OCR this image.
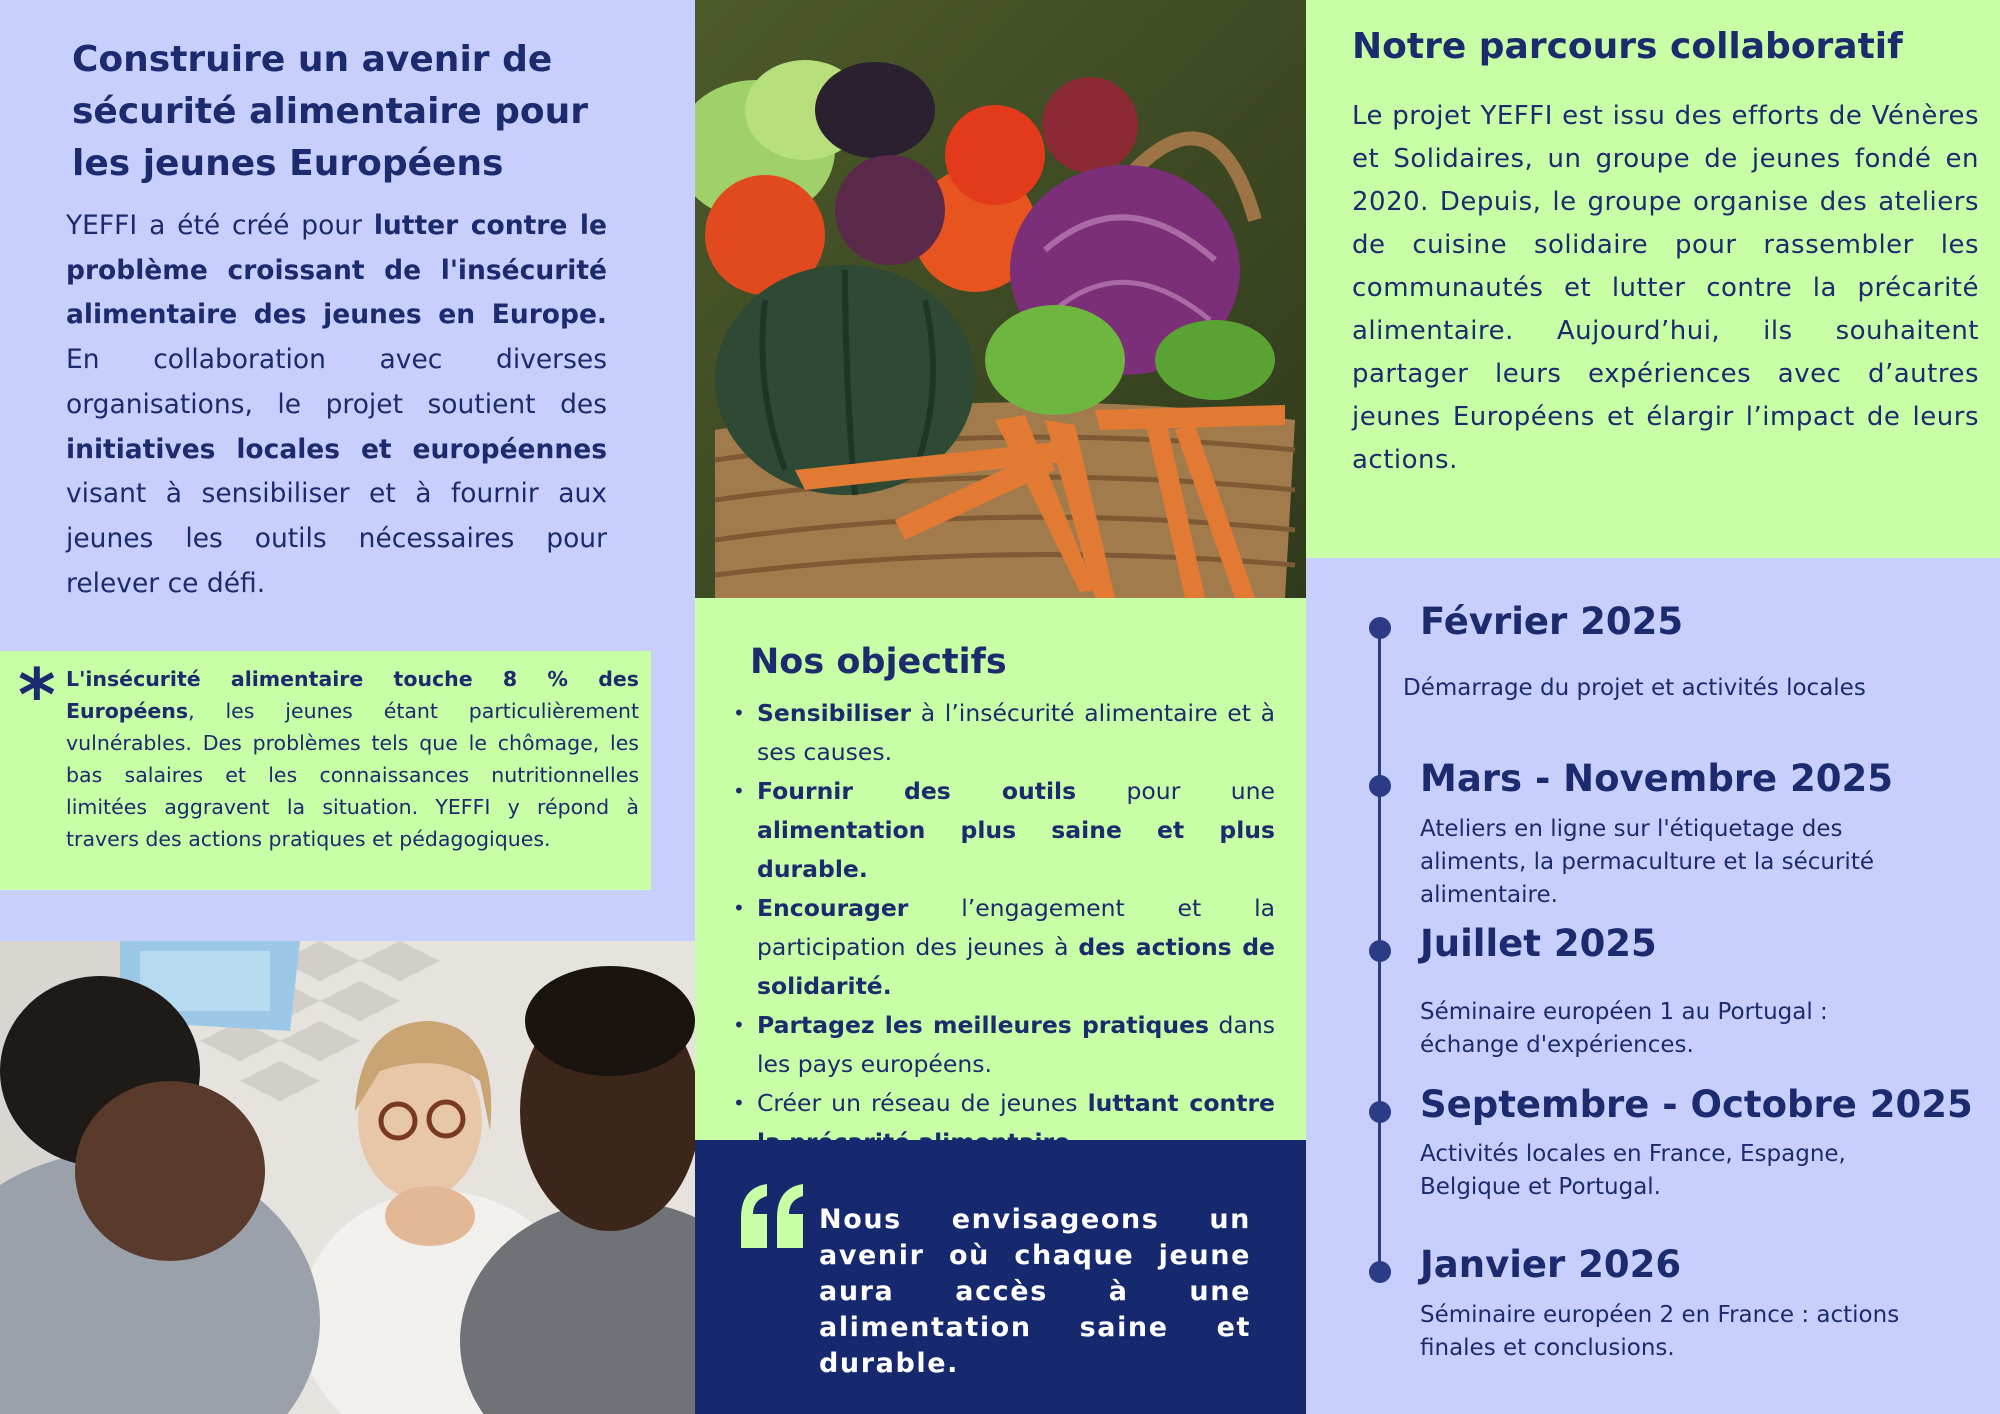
Construire un avenir de sécurité alimentaire pour les jeunes Européens

YEFFI a été créé pour lutter contre le problème croissant de l'insécurité alimentaire des jeunes en Europe. En collaboration avec diverses organisations, le projet soutient des initiatives locales et européennes visant à sensibiliser et à fournir aux jeunes les outils nécessaires pour relever ce défi.

* L'insécurité alimentaire touche 8 % des Européens, les jeunes étant particulièrement vulnérables. Des problèmes tels que le chômage, les bas salaires et les connaissances nutritionnelles limitées aggravent la situation. YEFFI y répond à travers des actions pratiques et pédagogiques.

Nos objectifs
• Sensibiliser à l’insécurité alimentaire et à ses causes.
• Fournir des outils pour une alimentation plus saine et plus durable.
• Encourager l’engagement et la participation des jeunes à des actions de solidarité.
• Partagez les meilleures pratiques dans les pays européens.
• Créer un réseau de jeunes luttant contre

Nous envisageons un avenir où chaque jeune aura accès à une alimentation saine et durable.

Notre parcours collaboratif

Le projet YEFFI est issu des efforts de Vénères et Solidaires, un groupe de jeunes fondé en 2020. Depuis, le groupe organise des ateliers de cuisine solidaire pour rassembler les communautés et lutter contre la précarité alimentaire. Aujourd’hui, ils souhaitent partager leurs expériences avec d’autres jeunes Européens et élargir l’impact de leurs actions.

Février 2025
Démarrage du projet et activités locales
Mars - Novembre 2025
Ateliers en ligne sur l'étiquetage des aliments, la permaculture et la sécurité alimentaire.
Juillet 2025
Séminaire européen 1 au Portugal : échange d'expériences.
Septembre - Octobre 2025
Activités locales en France, Espagne, Belgique et Portugal.
Janvier 2026
Séminaire européen 2 en France : actions finales et conclusions.
